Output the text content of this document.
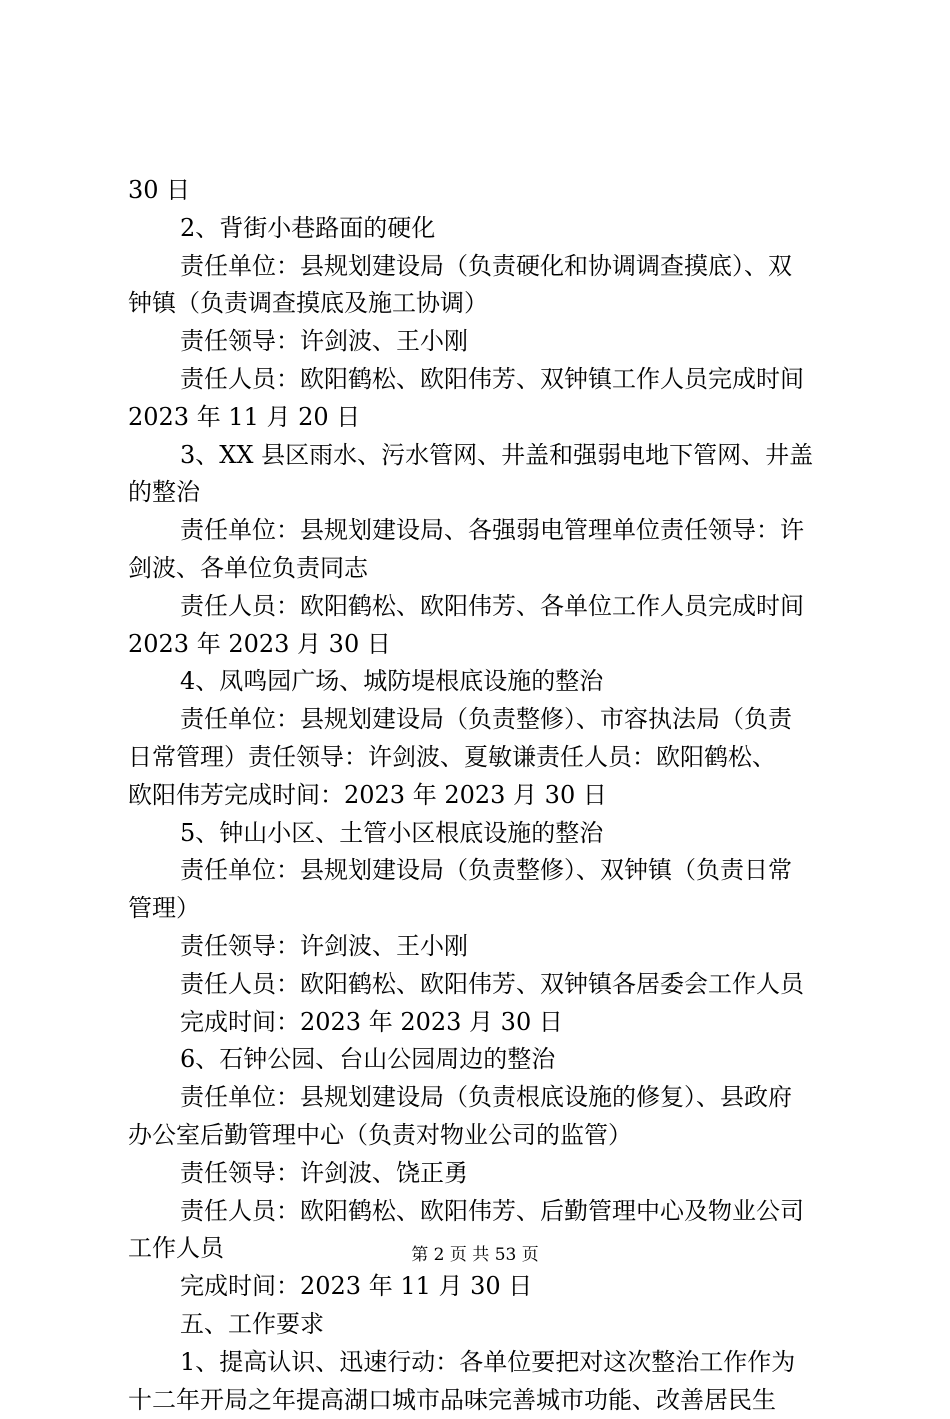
30 日
2、背街小巷路面的硬化
责任单位：县规划建设局（负责硬化和协调调查摸底）、双
钟镇（负责调查摸底及施工协调）
责任领导：许剑波、王小刚
责任人员：欧阳鹤松、欧阳伟芳、双钟镇工作人员完成时间
2023 年 11 月 20 日
3、XX 县区雨水、污水管网、井盖和强弱电地下管网、井盖
的整治
责任单位：县规划建设局、各强弱电管理单位责任领导：许
剑波、各单位负责同志
责任人员：欧阳鹤松、欧阳伟芳、各单位工作人员完成时间
2023 年 2023 月 30 日
4、凤鸣园广场、城防堤根底设施的整治
责任单位：县规划建设局（负责整修）、市容执法局（负责
日常管理）责任领导：许剑波、夏敏谦责任人员：欧阳鹤松、
欧阳伟芳完成时间：2023 年 2023 月 30 日
5、钟山小区、土管小区根底设施的整治
责任单位：县规划建设局（负责整修）、双钟镇（负责日常
管理）
责任领导：许剑波、王小刚
责任人员：欧阳鹤松、欧阳伟芳、双钟镇各居委会工作人员
完成时间：2023 年 2023 月 30 日
6、石钟公园、台山公园周边的整治
责任单位：县规划建设局（负责根底设施的修复）、县政府
办公室后勤管理中心（负责对物业公司的监管）
责任领导：许剑波、饶正勇
责任人员：欧阳鹤松、欧阳伟芳、后勤管理中心及物业公司
工作人员
完成时间：2023 年 11 月 30 日
五、工作要求
1、提高认识、迅速行动：各单位要把对这次整治工作作为
十二年开局之年提高湖口城市品味完善城市功能、改善居民生
第 2 页 共 53 页
